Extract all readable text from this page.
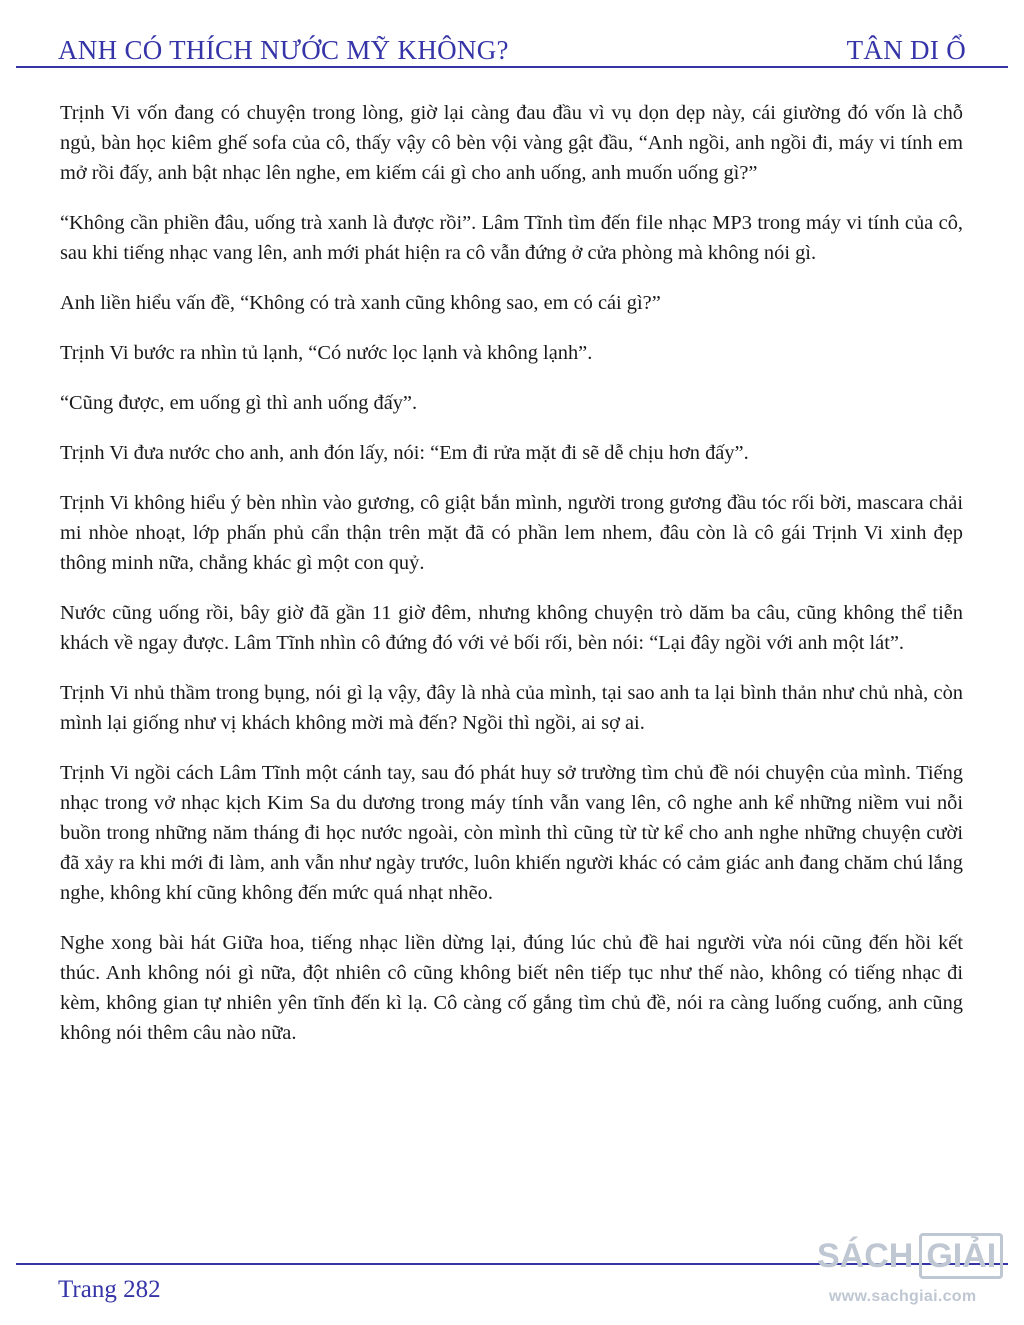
ANH CÓ THÍCH NƯỚC MỸ KHÔNG?	TÂN DI Ổ

Trịnh Vi vốn đang có chuyện trong lòng, giờ lại càng đau đầu vì vụ dọn dẹp này, cái giường đó vốn là chỗ ngủ, bàn học kiêm ghế sofa của cô, thấy vậy cô bèn vội vàng gật đầu, “Anh ngồi, anh ngồi đi, máy vi tính em mở rồi đấy, anh bật nhạc lên nghe, em kiếm cái gì cho anh uống, anh muốn uống gì?”

“Không cần phiền đâu, uống trà xanh là được rồi”. Lâm Tĩnh tìm đến file nhạc MP3 trong máy vi tính của cô, sau khi tiếng nhạc vang lên, anh mới phát hiện ra cô vẫn đứng ở cửa phòng mà không nói gì.

Anh liền hiểu vấn đề, “Không có trà xanh cũng không sao, em có cái gì?”

Trịnh Vi bước ra nhìn tủ lạnh, “Có nước lọc lạnh và không lạnh”.

“Cũng được, em uống gì thì anh uống đấy”.

Trịnh Vi đưa nước cho anh, anh đón lấy, nói: “Em đi rửa mặt đi sẽ dễ chịu hơn đấy”.

Trịnh Vi không hiểu ý bèn nhìn vào gương, cô giật bắn mình, người trong gương đầu tóc rối bời, mascara chải mi nhòe nhoạt, lớp phấn phủ cẩn thận trên mặt đã có phần lem nhem, đâu còn là cô gái Trịnh Vi xinh đẹp thông minh nữa, chẳng khác gì một con quỷ.

Nước cũng uống rồi, bây giờ đã gần 11 giờ đêm, nhưng không chuyện trò dăm ba câu, cũng không thể tiễn khách về ngay được. Lâm Tĩnh nhìn cô đứng đó với vẻ bối rối, bèn nói: “Lại đây ngồi với anh một lát”.

Trịnh Vi nhủ thầm trong bụng, nói gì lạ vậy, đây là nhà của mình, tại sao anh ta lại bình thản như chủ nhà, còn mình lại giống như vị khách không mời mà đến? Ngồi thì ngồi, ai sợ ai.

Trịnh Vi ngồi cách Lâm Tĩnh một cánh tay, sau đó phát huy sở trường tìm chủ đề nói chuyện của mình. Tiếng nhạc trong vở nhạc kịch Kim Sa du dương trong máy tính vẫn vang lên, cô nghe anh kể những niềm vui nỗi buồn trong những năm tháng đi học nước ngoài, còn mình thì cũng từ từ kể cho anh nghe những chuyện cười đã xảy ra khi mới đi làm, anh vẫn như ngày trước, luôn khiến người khác có cảm giác anh đang chăm chú lắng nghe, không khí cũng không đến mức quá nhạt nhẽo.

Nghe xong bài hát Giữa hoa, tiếng nhạc liền dừng lại, đúng lúc chủ đề hai người vừa nói cũng đến hồi kết thúc. Anh không nói gì nữa, đột nhiên cô cũng không biết nên tiếp tục như thế nào, không có tiếng nhạc đi kèm, không gian tự nhiên yên tĩnh đến kì lạ. Cô càng cố gắng tìm chủ đề, nói ra càng luống cuống, anh cũng không nói thêm câu nào nữa.

Trang 282
SÁCH GIẢI
www.sachgiai.com
